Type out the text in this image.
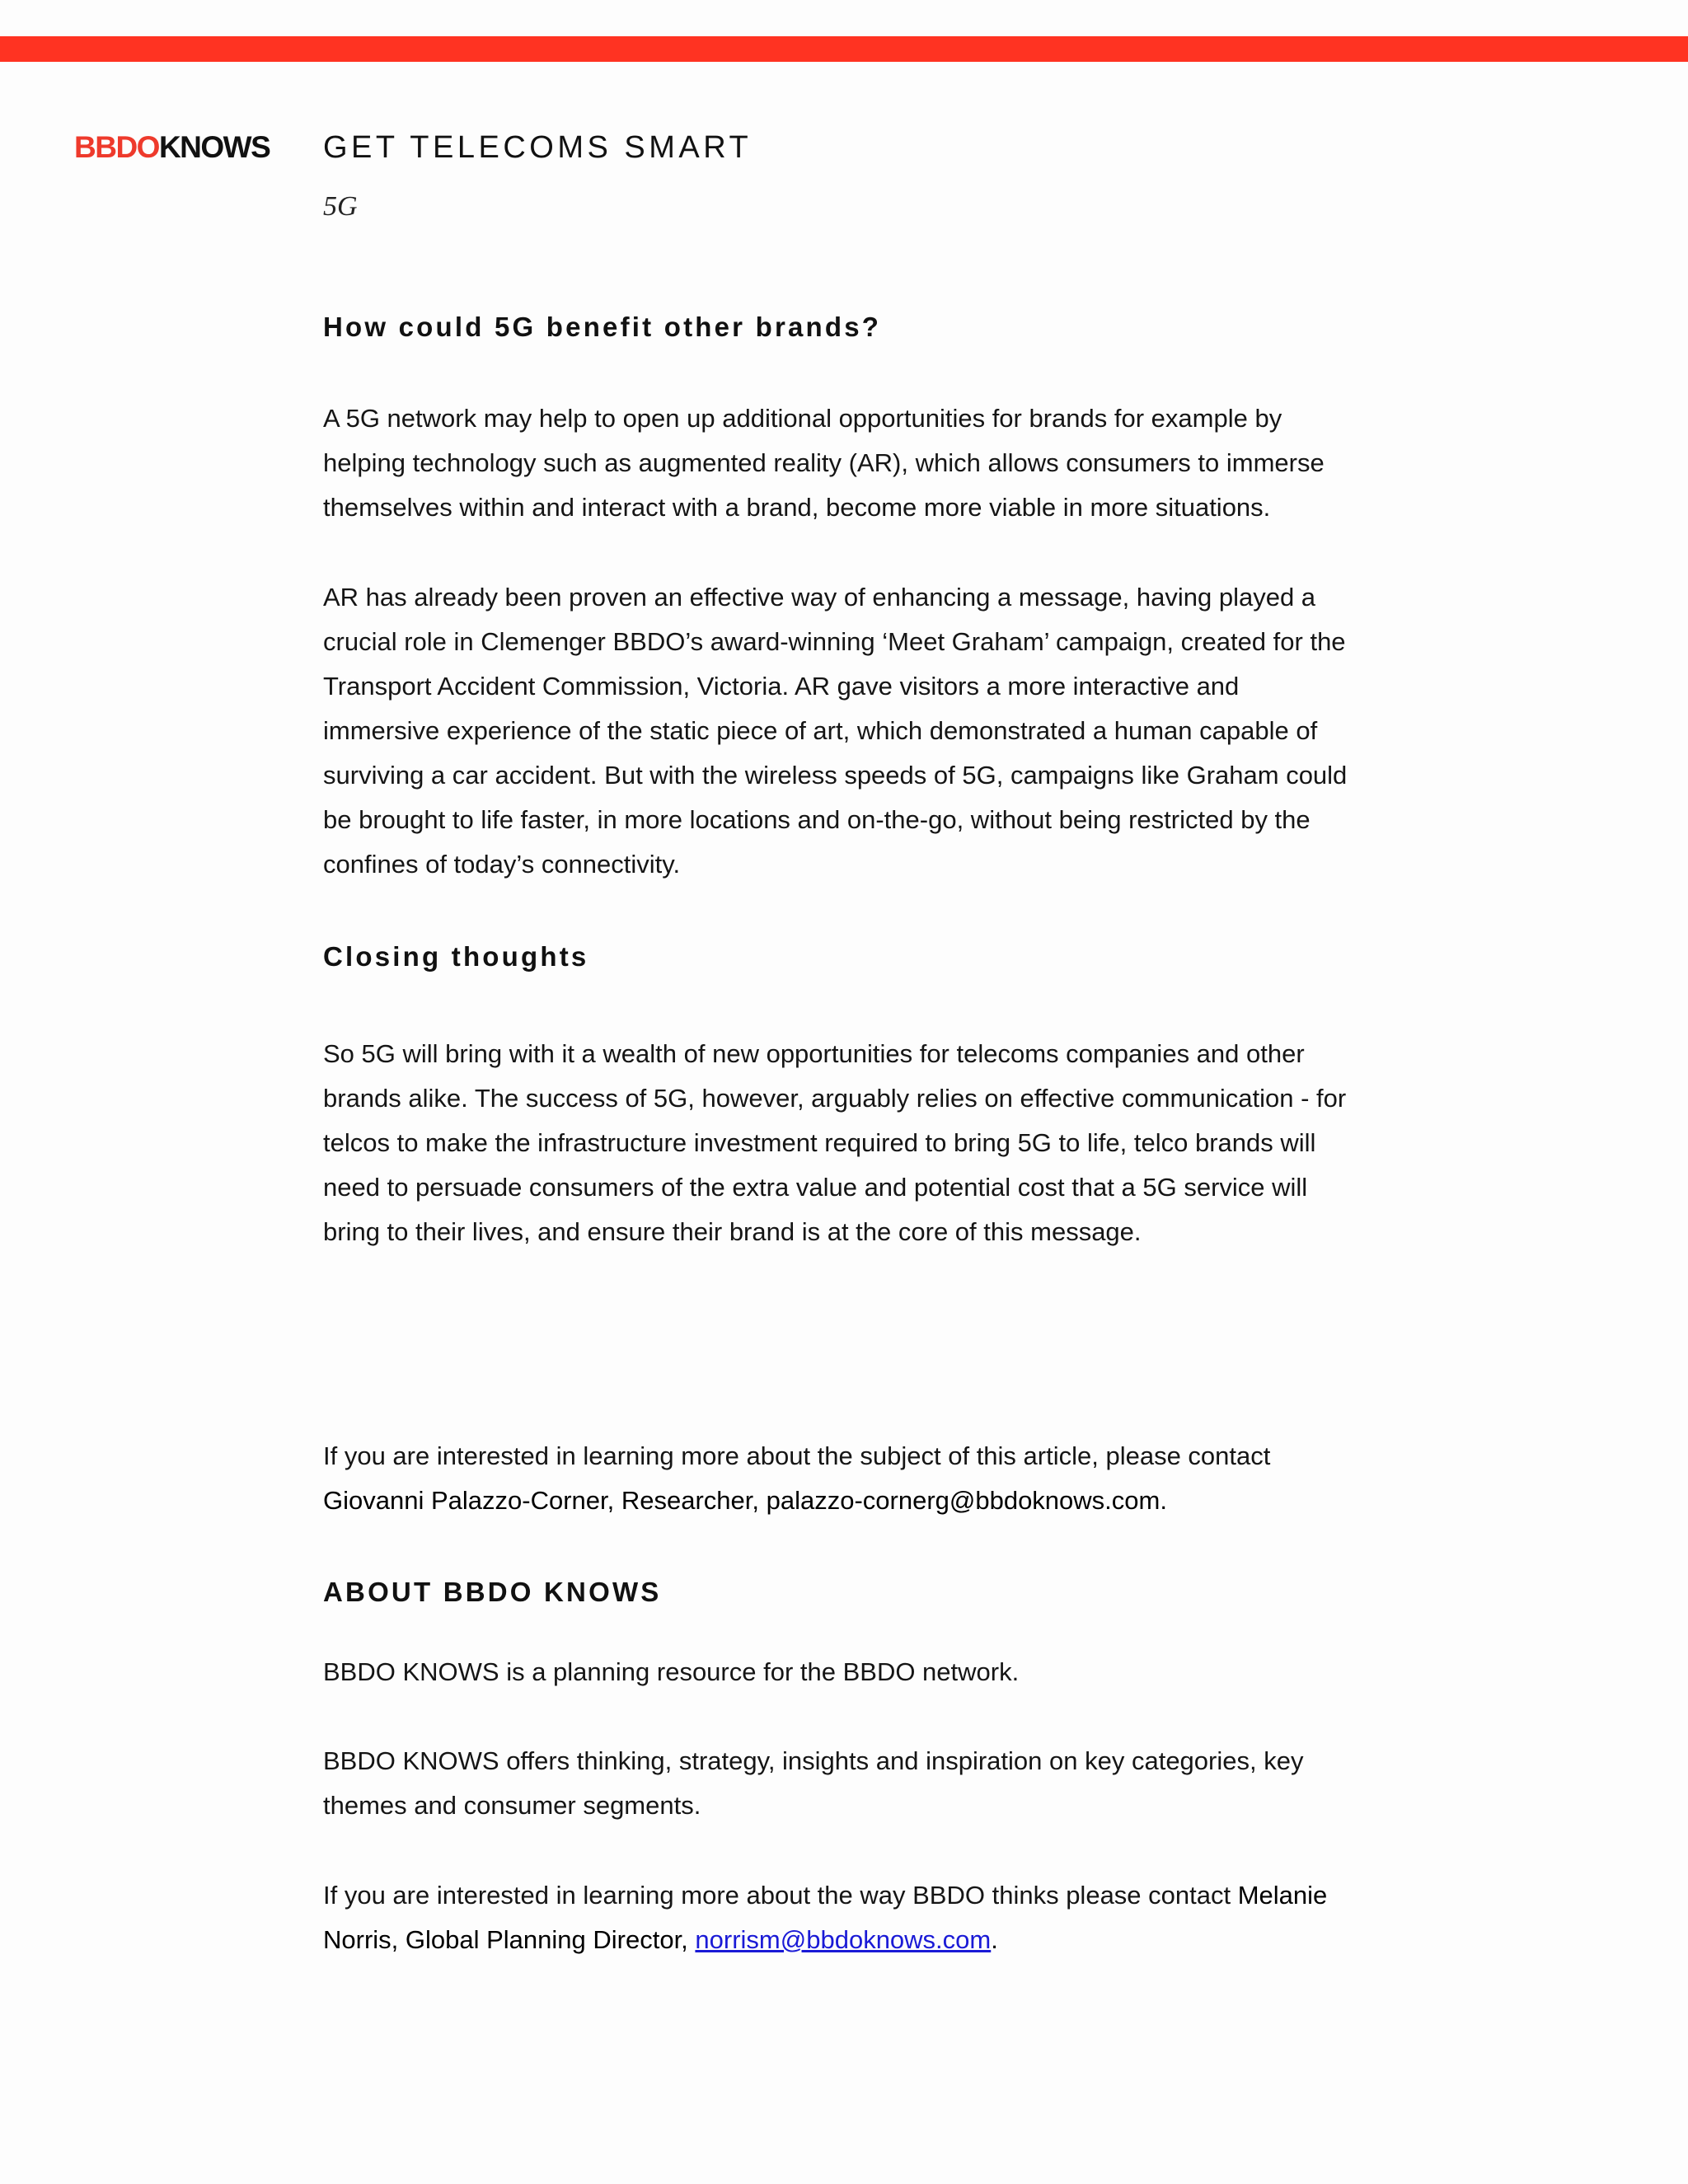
BBDOKNOWS GET TELECOMS SMART
5G
How could 5G benefit other brands?
A 5G network may help to open up additional opportunities for brands for example by
helping technology such as augmented reality (AR), which allows consumers to immerse
themselves within and interact with a brand, become more viable in more situations.
AR has already been proven an effective way of enhancing a message, having played a
crucial role in Clemenger BBDO’s award-winning ‘Meet Graham’ campaign, created for the
Transport Accident Commission, Victoria. AR gave visitors a more interactive and
immersive experience of the static piece of art, which demonstrated a human capable of
surviving a car accident. But with the wireless speeds of 5G, campaigns like Graham could
be brought to life faster, in more locations and on-the-go, without being restricted by the
confines of today’s connectivity.
Closing thoughts
So 5G will bring with it a wealth of new opportunities for telecoms companies and other
brands alike. The success of 5G, however, arguably relies on effective communication - for
telcos to make the infrastructure investment required to bring 5G to life, telco brands will
need to persuade consumers of the extra value and potential cost that a 5G service will
bring to their lives, and ensure their brand is at the core of this message.
If you are interested in learning more about the subject of this article, please contact
Giovanni Palazzo-Corner, Researcher, palazzo-cornerg@bbdoknows.com.
ABOUT BBDO KNOWS
BBDO KNOWS is a planning resource for the BBDO network.
BBDO KNOWS offers thinking, strategy, insights and inspiration on key categories, key
themes and consumer segments.
If you are interested in learning more about the way BBDO thinks please contact Melanie
Norris, Global Planning Director, norrism@bbdoknows.com.
